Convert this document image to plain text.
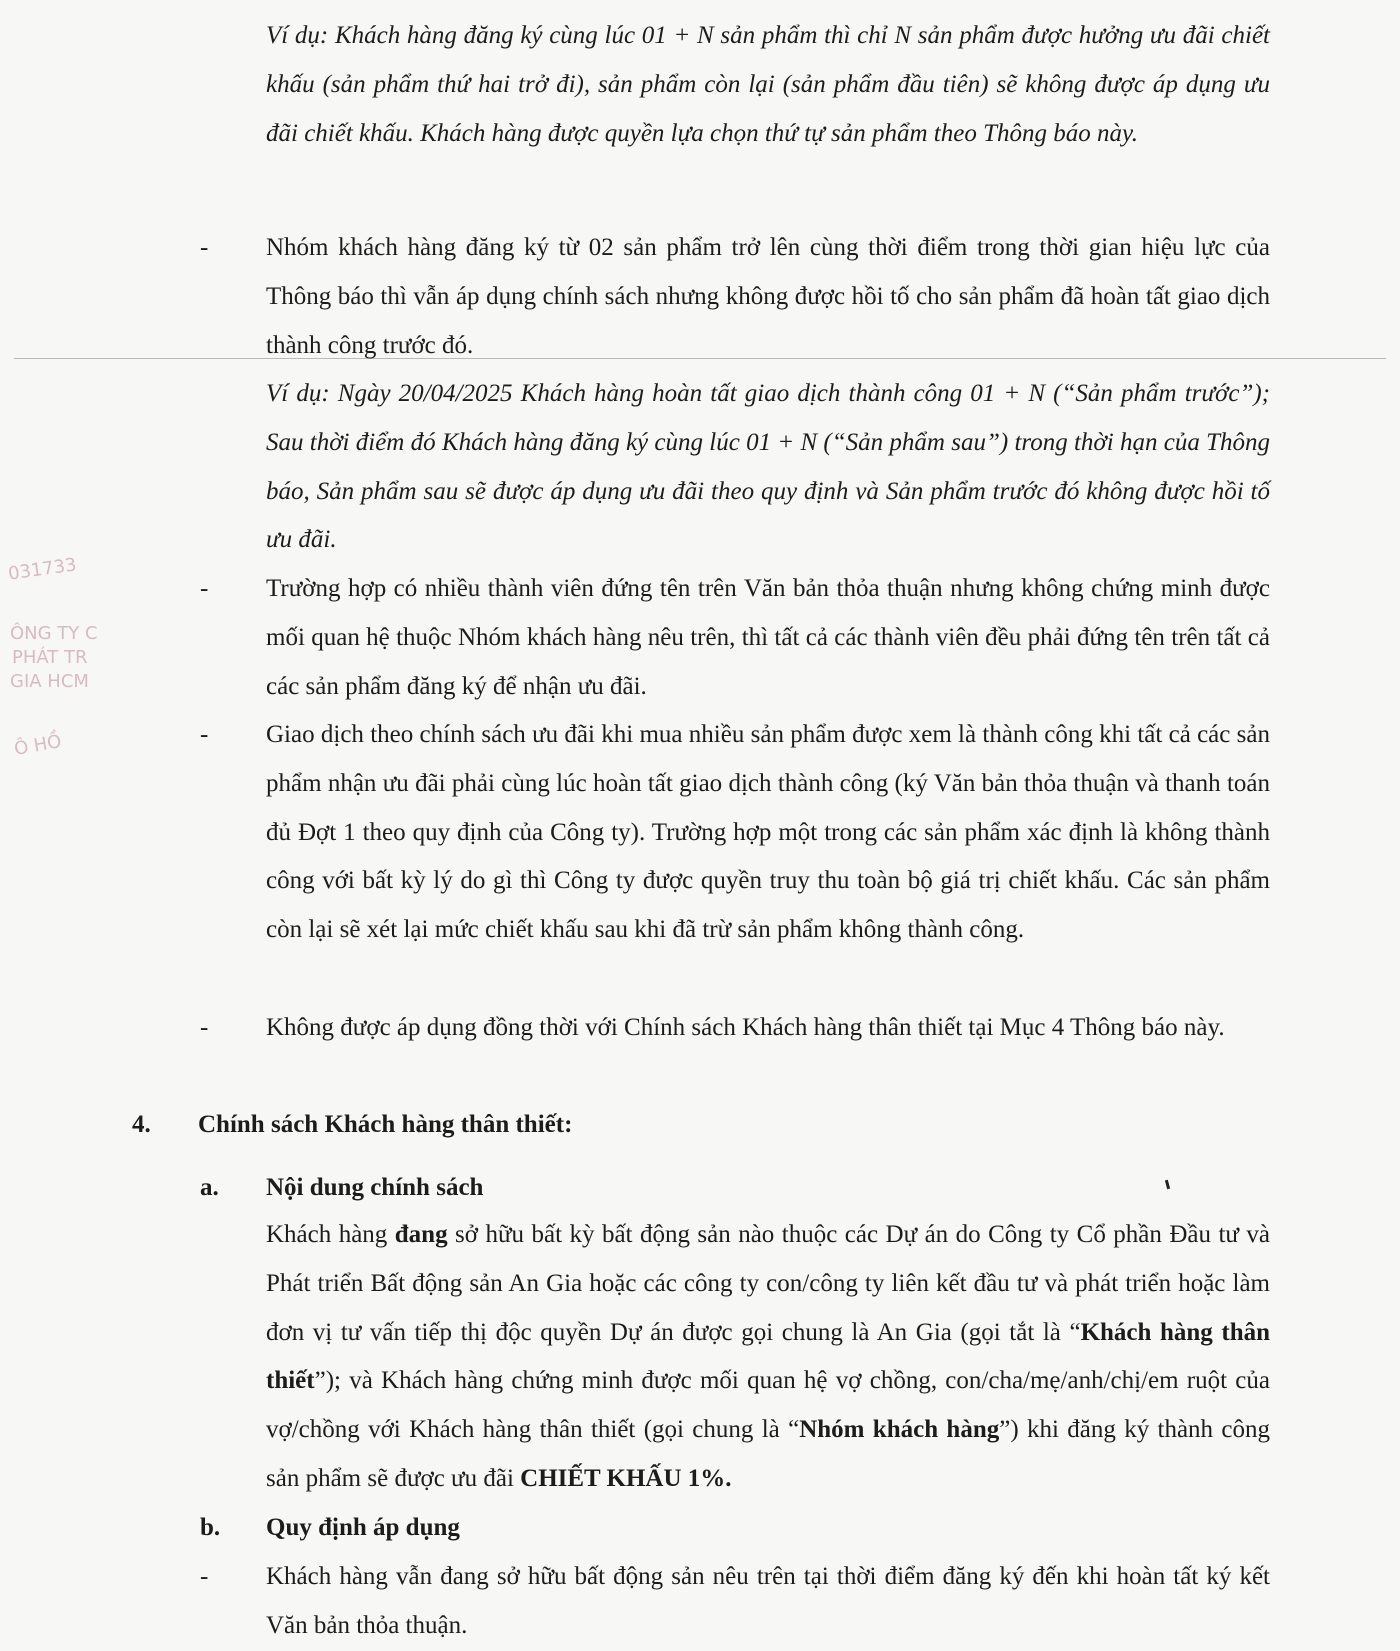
031733
ÔNG TY C
PHÁT TR
GIA HCM
Ô HỒ
Ví dụ: Khách hàng đăng ký cùng lúc 01 + N sản phẩm thì chỉ N sản phẩm được hưởng ưu đãi chiết khấu (sản phẩm thứ hai trở đi), sản phẩm còn lại (sản phẩm đầu tiên) sẽ không được áp dụng ưu đãi chiết khấu. Khách hàng được quyền lựa chọn thứ tự sản phẩm theo Thông báo này.
- Nhóm khách hàng đăng ký từ 02 sản phẩm trở lên cùng thời điểm trong thời gian hiệu lực của Thông báo thì vẫn áp dụng chính sách nhưng không được hồi tố cho sản phẩm đã hoàn tất giao dịch thành công trước đó.
Ví dụ: Ngày 20/04/2025 Khách hàng hoàn tất giao dịch thành công 01 + N (“Sản phẩm trước”); Sau thời điểm đó Khách hàng đăng ký cùng lúc 01 + N (“Sản phẩm sau”) trong thời hạn của Thông báo, Sản phẩm sau sẽ được áp dụng ưu đãi theo quy định và Sản phẩm trước đó không được hồi tố ưu đãi.
- Trường hợp có nhiều thành viên đứng tên trên Văn bản thỏa thuận nhưng không chứng minh được mối quan hệ thuộc Nhóm khách hàng nêu trên, thì tất cả các thành viên đều phải đứng tên trên tất cả các sản phẩm đăng ký để nhận ưu đãi.
- Giao dịch theo chính sách ưu đãi khi mua nhiều sản phẩm được xem là thành công khi tất cả các sản phẩm nhận ưu đãi phải cùng lúc hoàn tất giao dịch thành công (ký Văn bản thỏa thuận và thanh toán đủ Đợt 1 theo quy định của Công ty). Trường hợp một trong các sản phẩm xác định là không thành công với bất kỳ lý do gì thì Công ty được quyền truy thu toàn bộ giá trị chiết khấu. Các sản phẩm còn lại sẽ xét lại mức chiết khấu sau khi đã trừ sản phẩm không thành công.
- Không được áp dụng đồng thời với Chính sách Khách hàng thân thiết tại Mục 4 Thông báo này.
4. Chính sách Khách hàng thân thiết:
a. Nội dung chính sách
Khách hàng đang sở hữu bất kỳ bất động sản nào thuộc các Dự án do Công ty Cổ phần Đầu tư và Phát triển Bất động sản An Gia hoặc các công ty con/công ty liên kết đầu tư và phát triển hoặc làm đơn vị tư vấn tiếp thị độc quyền Dự án được gọi chung là An Gia (gọi tắt là “Khách hàng thân thiết”); và Khách hàng chứng minh được mối quan hệ vợ chồng, con/cha/mẹ/anh/chị/em ruột của vợ/chồng với Khách hàng thân thiết (gọi chung là “Nhóm khách hàng”) khi đăng ký thành công sản phẩm sẽ được ưu đãi CHIẾT KHẤU 1%.
b. Quy định áp dụng
- Khách hàng vẫn đang sở hữu bất động sản nêu trên tại thời điểm đăng ký đến khi hoàn tất ký kết Văn bản thỏa thuận.
